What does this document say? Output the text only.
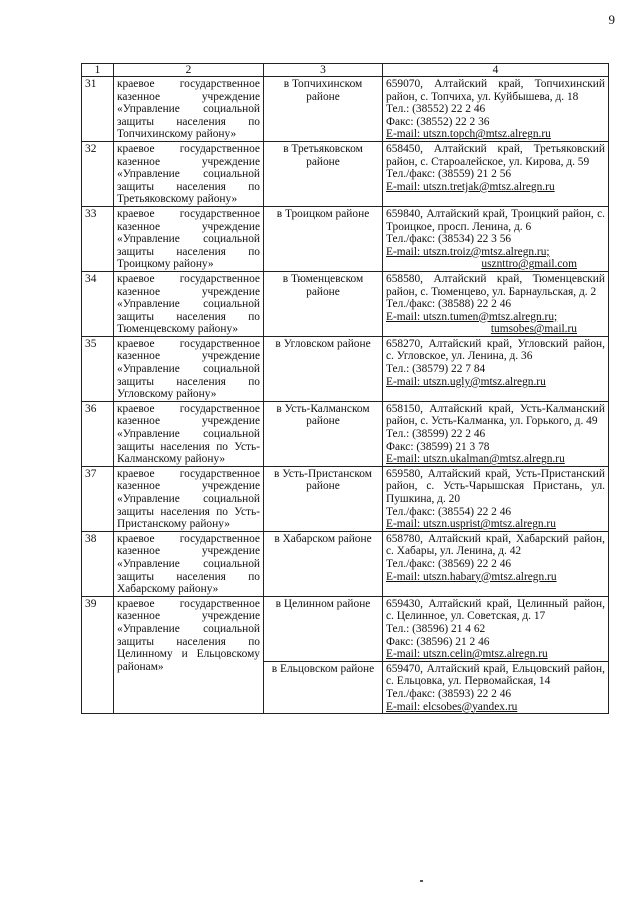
9
1	2	3	4
31	краевое государственное казенное учреждение «Управление социальной защиты населения по Топчихинскому району»	в Топчихинском районе	659070, Алтайский край, Топчихинский район, с. Топчиха, ул. Куйбышева, д. 18
Тел.: (38552) 22 2 46
Факс: (38552) 22 2 36
E-mail: utszn.topch@mtsz.alregn.ru

32	краевое государственное казенное учреждение «Управление социальной защиты населения по Третьяковскому району»	в Третьяковском районе	658450, Алтайский край, Третьяковский район, с. Староалейское, ул. Кирова, д. 59
Тел./факс: (38559) 21 2 56
E-mail: utszn.tretjak@mtsz.alregn.ru

33	краевое государственное казенное учреждение «Управление социальной защиты населения по Троицкому району»	в Троицком районе	659840, Алтайский край, Троицкий район, с. Троицкое, просп. Ленина, д. 6
Тел./факс: (38534) 22 3 56
E-mail: utszn.troiz@mtsz.alregn.ru;
usznttro@gmail.com

34	краевое государственное казенное учреждение «Управление социальной защиты населения по Тюменцевскому району»	в Тюменцевском районе	658580, Алтайский край, Тюменцевский район, с. Тюменцево, ул. Барнаульская, д. 2
Тел./факс: (38588) 22 2 46
E-mail: utszn.tumen@mtsz.alregn.ru;
tumsobes@mail.ru

35	краевое государственное казенное учреждение «Управление социальной защиты населения по Угловскому району»	в Угловском районе	658270, Алтайский край, Угловский район, с. Угловское, ул. Ленина, д. 36
Тел.: (38579) 22 7 84
E-mail: utszn.ugly@mtsz.alregn.ru

36	краевое государственное казенное учреждение «Управление социальной защиты населения по Усть-Калманскому району»	в Усть-Калманском районе	658150, Алтайский край, Усть-Калманский район, с. Усть-Калманка, ул. Горького, д. 49
Тел.: (38599) 22 2 46
Факс: (38599) 21 3 78
E-mail: utszn.ukalman@mtsz.alregn.ru

37	краевое государственное казенное учреждение «Управление социальной защиты населения по Усть-Пристанскому району»	в Усть-Пристанском районе	659580, Алтайский край, Усть-Пристанский район, с. Усть-Чарышская Пристань, ул. Пушкина, д. 20
Тел./факс: (38554) 22 2 46
E-mail: utszn.usprist@mtsz.alregn.ru

38	краевое государственное казенное учреждение «Управление социальной защиты населения по Хабарскому району»	в Хабарском районе	658780, Алтайский край, Хабарский район, с. Хабары, ул. Ленина, д. 42
Тел./факс: (38569) 22 2 46
E-mail: utszn.habary@mtsz.alregn.ru

39	краевое государственное казенное учреждение «Управление социальной защиты населения по Целинному и Ельцовскому районам»	в Целинном районе	659430, Алтайский край, Целинный район, с. Целинное, ул. Советская, д. 17
Тел.: (38596) 21 4 62
Факс: (38596) 21 2 46
E-mail: utszn.celin@mtsz.alregn.ru

		в Ельцовском районе	659470, Алтайский край, Ельцовский район, с. Ельцовка, ул. Первомайская, 14
Тел./факс: (38593) 22 2 46
E-mail: elcsobes@yandex.ru
